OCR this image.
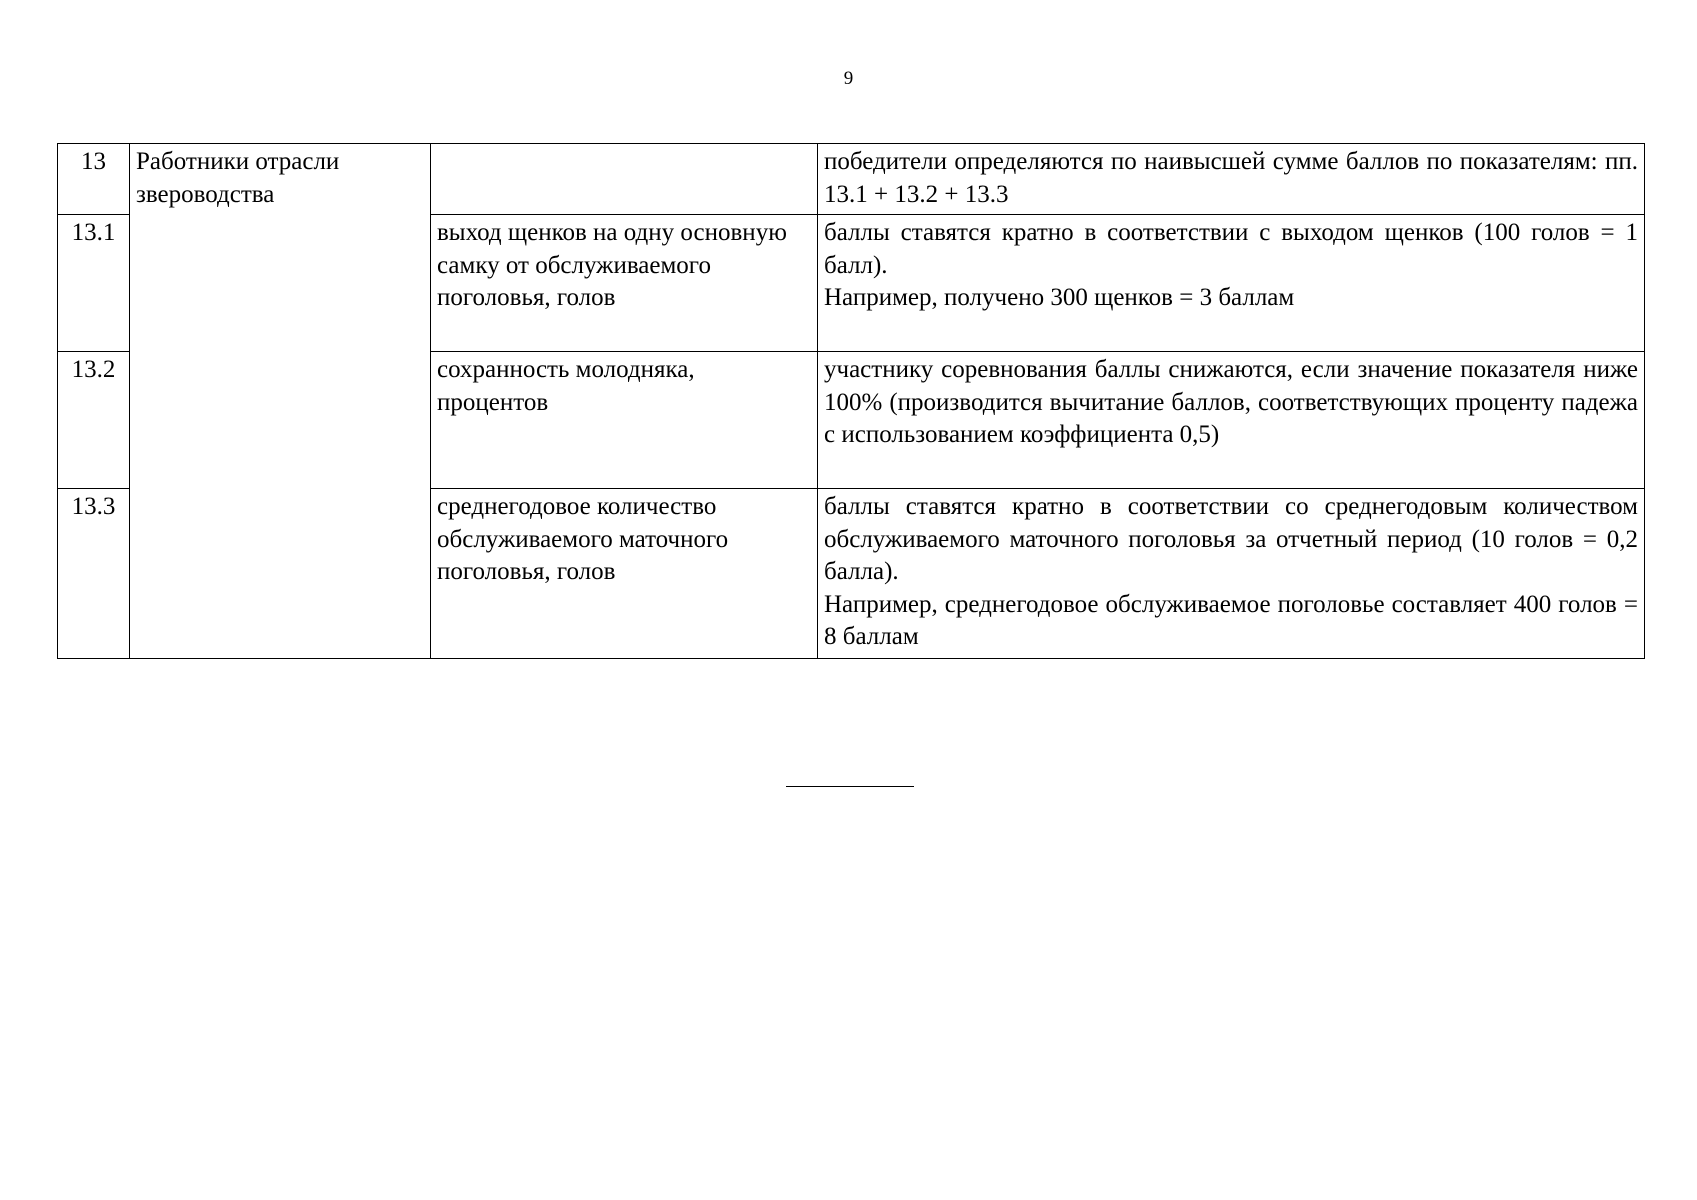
9
13	Работники отрасли звероводства		победители определяются по наивысшей сумме баллов по показателям: пп. 13.1 + 13.2 + 13.3

13.1		выход щенков на одну основную самку от обслуживаемого поголовья, голов	баллы ставятся кратно в соответствии с выходом щенков (100 голов = 1 балл).
Например, получено 300 щенков = 3 баллам

13.2		сохранность молодняка, процентов	участнику соревнования баллы снижаются, если значение показателя ниже 100% (производится вычитание баллов, соответствующих проценту падежа с использованием коэффициента 0,5)

13.3		среднегодовое количество обслуживаемого маточного поголовья, голов	баллы ставятся кратно в соответствии со среднегодовым количеством обслуживаемого маточного поголовья за отчетный период (10 голов = 0,2 балла).
Например, среднегодовое обслуживаемое поголовье составляет 400 голов = 8 баллам
